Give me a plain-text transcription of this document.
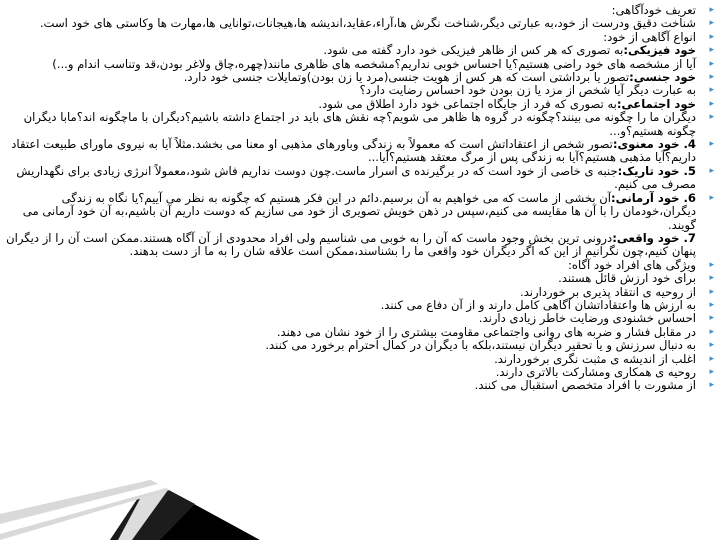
▸
تعریف خودآگاهی:
▸
شناخت دقیق ودرست از خود،به عبارتی دیگر،شناخت نگرش ها،آراء،عقاید،اندیشه ها،هیجانات،توانایی ها،مهارت ها وکاستی های خود است.
▸
انواع آگاهی از خود:
▸
خود فیزیکی:به تصوری که هر کس از ظاهر فیزیکی خود دارد گفته می شود.
▸
آیا از مشخصه های خود راضی هستیم؟یا احساس خوبی نداریم؟مشخصه های ظاهری مانند(چهره،چاق ولاغر بودن،قد وتناسب اندام و...)
▸
خود جنسی:تصور یا برداشتی است که هر کس از هویت جنسی(مرد یا زن بودن)وتمایلات جنسی خود دارد.
▸
به عبارت دیگر آیا شخص از مزد یا زن بودن خود احساس رضایت دارد؟
▸
خود اجتماعی:به تصوری که فرد از جایگاه اجتماعی خود دارد اطلاق می شود.
▸
دیگران ما را چگونه می بینند؟چگونه در گروه ها ظاهر می شویم؟چه نقش های باید در اجتماع داشته باشیم؟دیگران با ماچگونه اند؟مابا دیگران چگونه هستیم؟و...
▸
4. خود معنوی:تصور شخص از اعتقاداتش است که معمولاً به زندگی وباورهای مذهبی او معنا می بخشد.مثلاً آیا به نیروی ماورای طبیعت اعتقاد داریم؟آیا مذهبی هستیم؟آیا به زندگی پس از مرگ معتقد هستیم؟آیا...
▸
5. خود تاریک:جنبه ی خاصی از خود است که در برگیرنده ی اسرار ماست.چون دوست نداریم فاش شود،معمولاً انرژی زیادی برای نگهداریش مصرف می کنیم.
▸
6. خود آرمانی:آن بخشی از ماست که می خواهیم به آن برسیم.دائم در این فکر هستیم که چگونه به نظر می آییم؟یا نگاه به زندگی دیگران،خودمان را با آن ها مقایسه می کنیم،سپس در ذهن خویش تصویری از خود می سازیم که دوست داریم آن باشیم،به آن خود آرمانی می گویند.
7. خود واقعی:درونی ترین بخش وجود ماست که آن را به خوبی می شناسیم ولی افراد محدودی از آن آگاه هستند.ممکن است آن را از دیگران پنهان کنیم،چون نگرانیم از این که اگر دیگران خود واقعی ما را بشناسند،ممکن است علاقه شان را به ما از دست بدهند.
▸
ویژگی های افراد خود آگاه:
▸
برای خود ارزش قائل هستند.
▸
از روحیه ی انتقاد پذیری بر خوردارند.
▸
به ارزش ها واعتقاداتشان آگاهی کامل دارند و از آن دفاع می کنند.
▸
احساس خشنودی ورضایت خاطر زیادی دارند.
▸
در مقابل فشار و ضربه های روانی واجتماعی مقاومت بیشتری را از خود نشان می دهند.
▸
به دنبال سرزنش و یا تحقیر دیگران نیستند،بلکه با دیگران در کمال احترام برخورد می کنند.
▸
اغلب از اندیشه ی مثبت نگری برخوردارند.
▸
روحیه ی همکاری ومشارکت بالاتری دارند.
▸
از مشورت با افراد متخصص استقبال می کنند.
